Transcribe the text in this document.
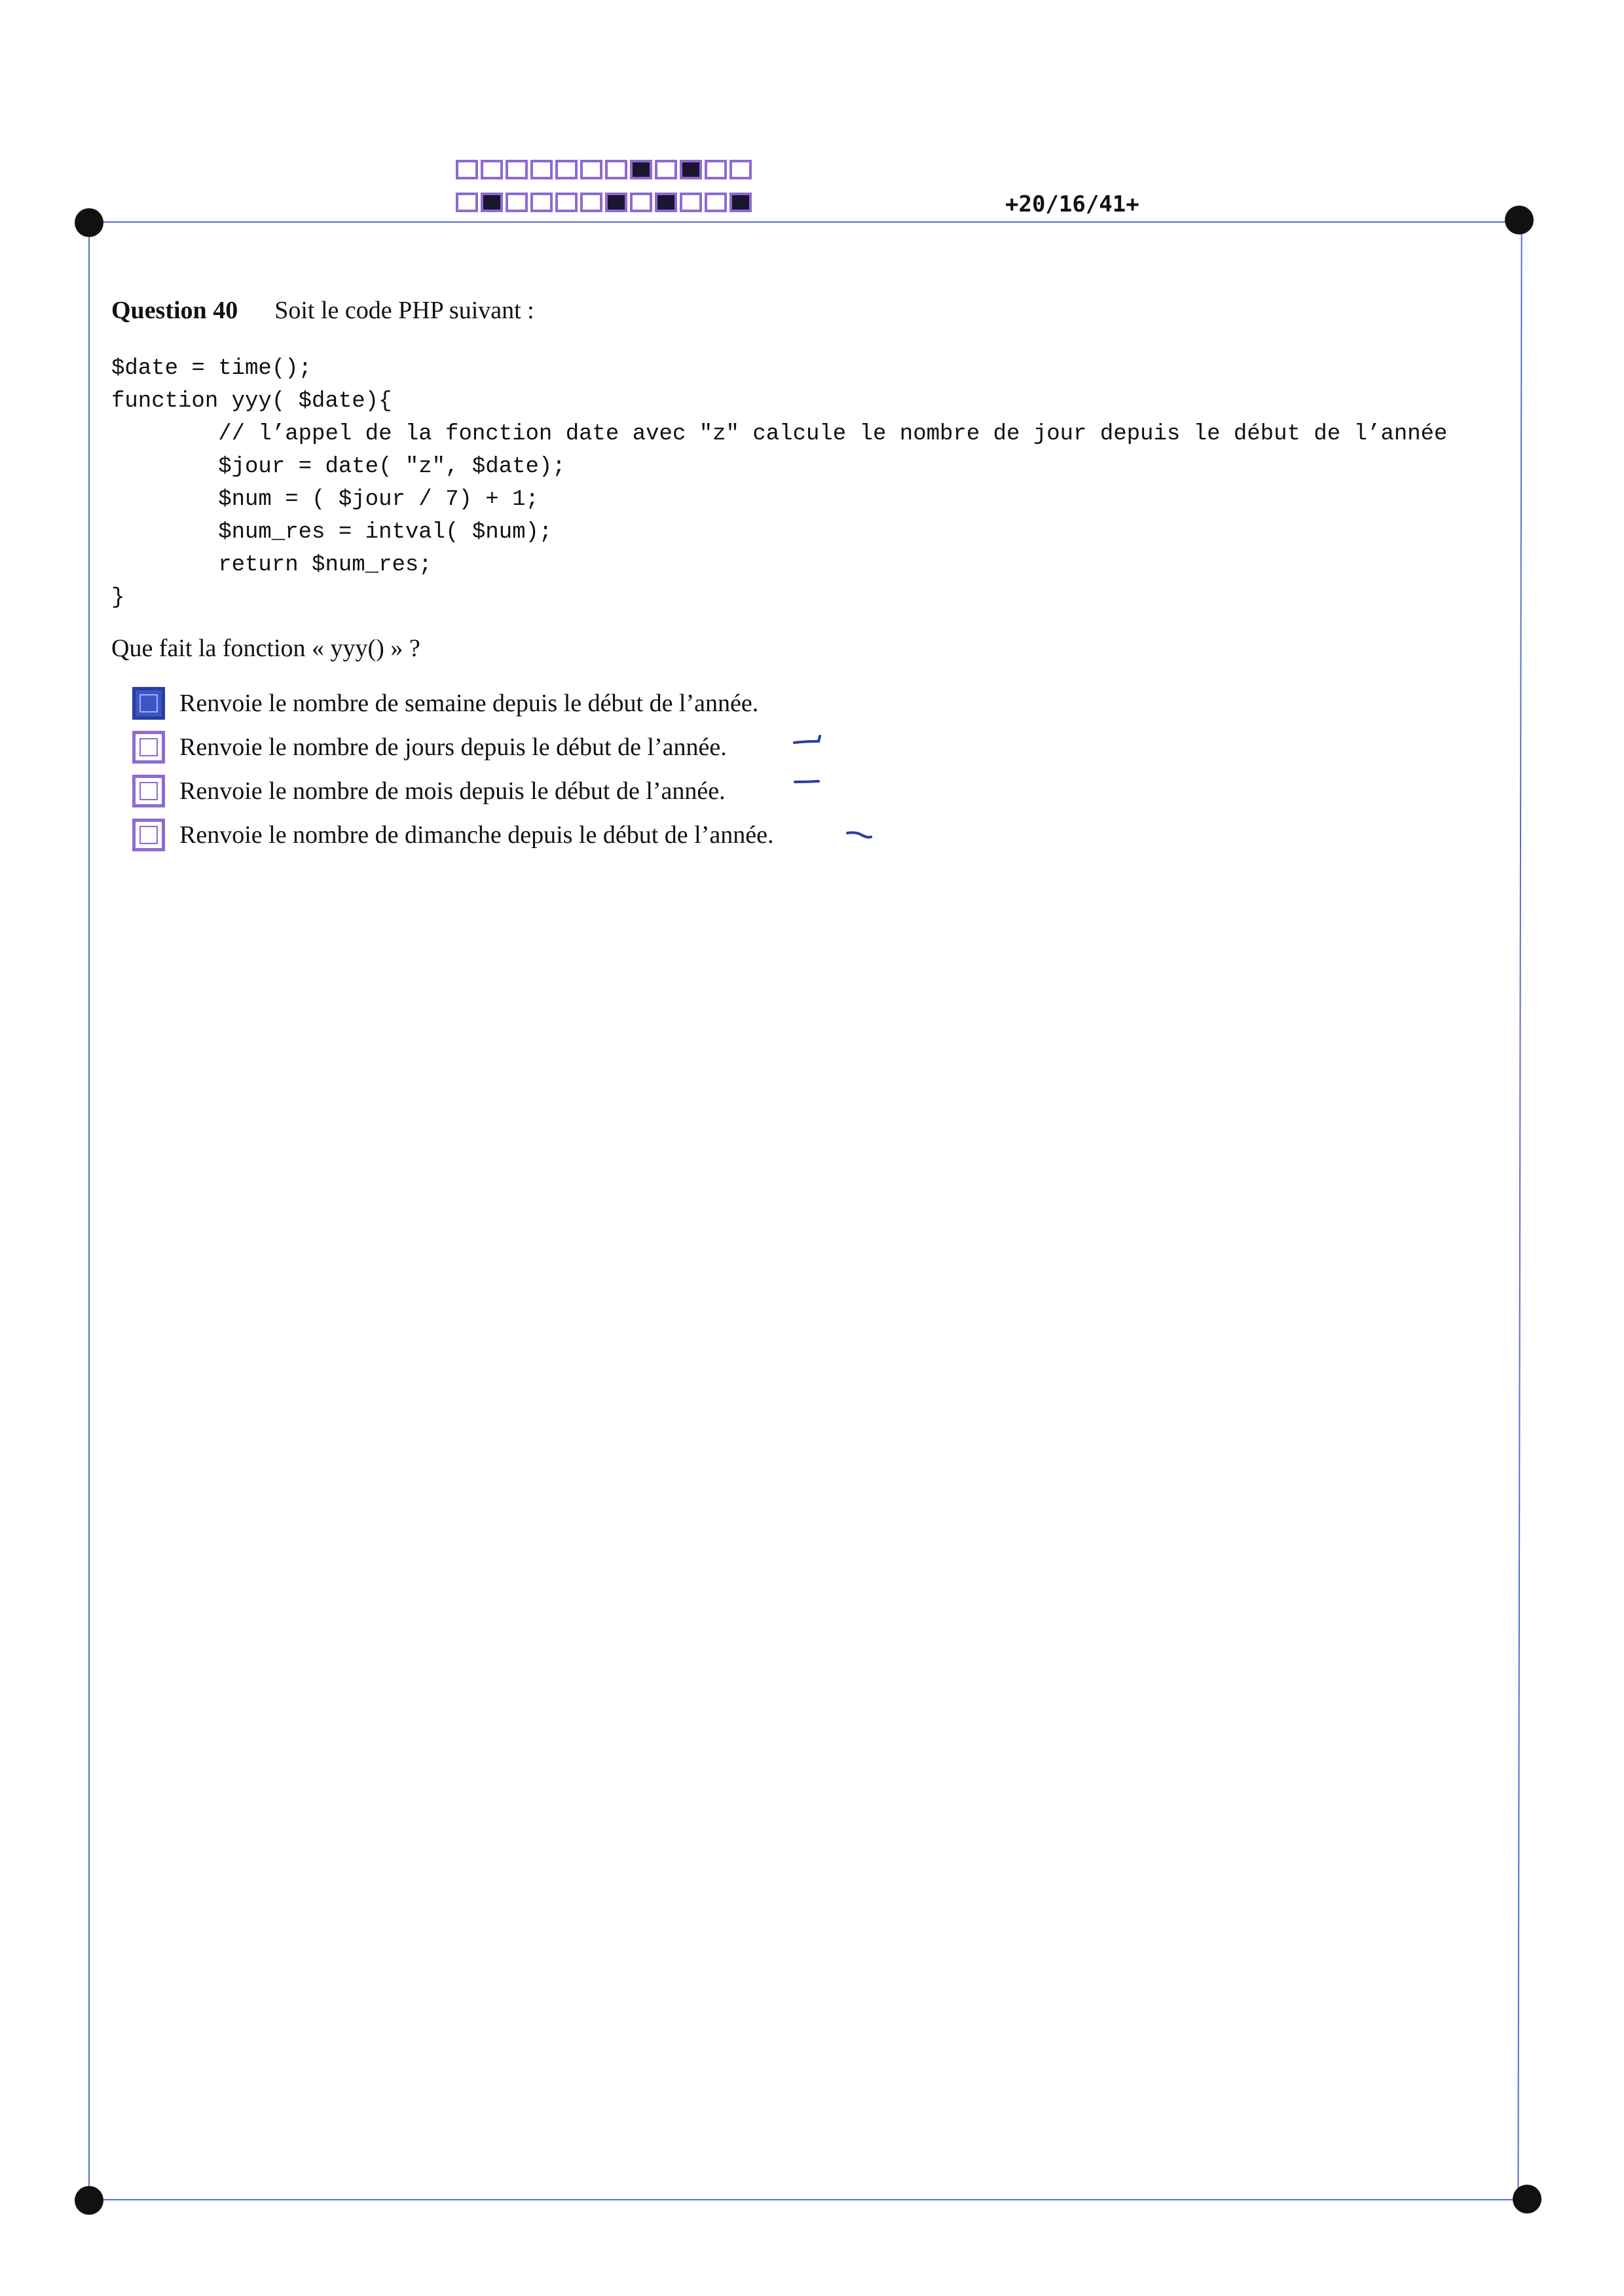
+20/16/41+
Question 40 Soit le code PHP suivant :
$date = time();
function yyy( $date){
// l’appel de la fonction date avec "z" calcule le nombre de jour depuis le début de l’année
$jour = date( "z", $date);
$num = ( $jour / 7) + 1;
$num_res = intval( $num);
return $num_res;
}
Que fait la fonction « yyy() » ?
Renvoie le nombre de semaine depuis le début de l’année.
Renvoie le nombre de jours depuis le début de l’année.
Renvoie le nombre de mois depuis le début de l’année.
Renvoie le nombre de dimanche depuis le début de l’année.
